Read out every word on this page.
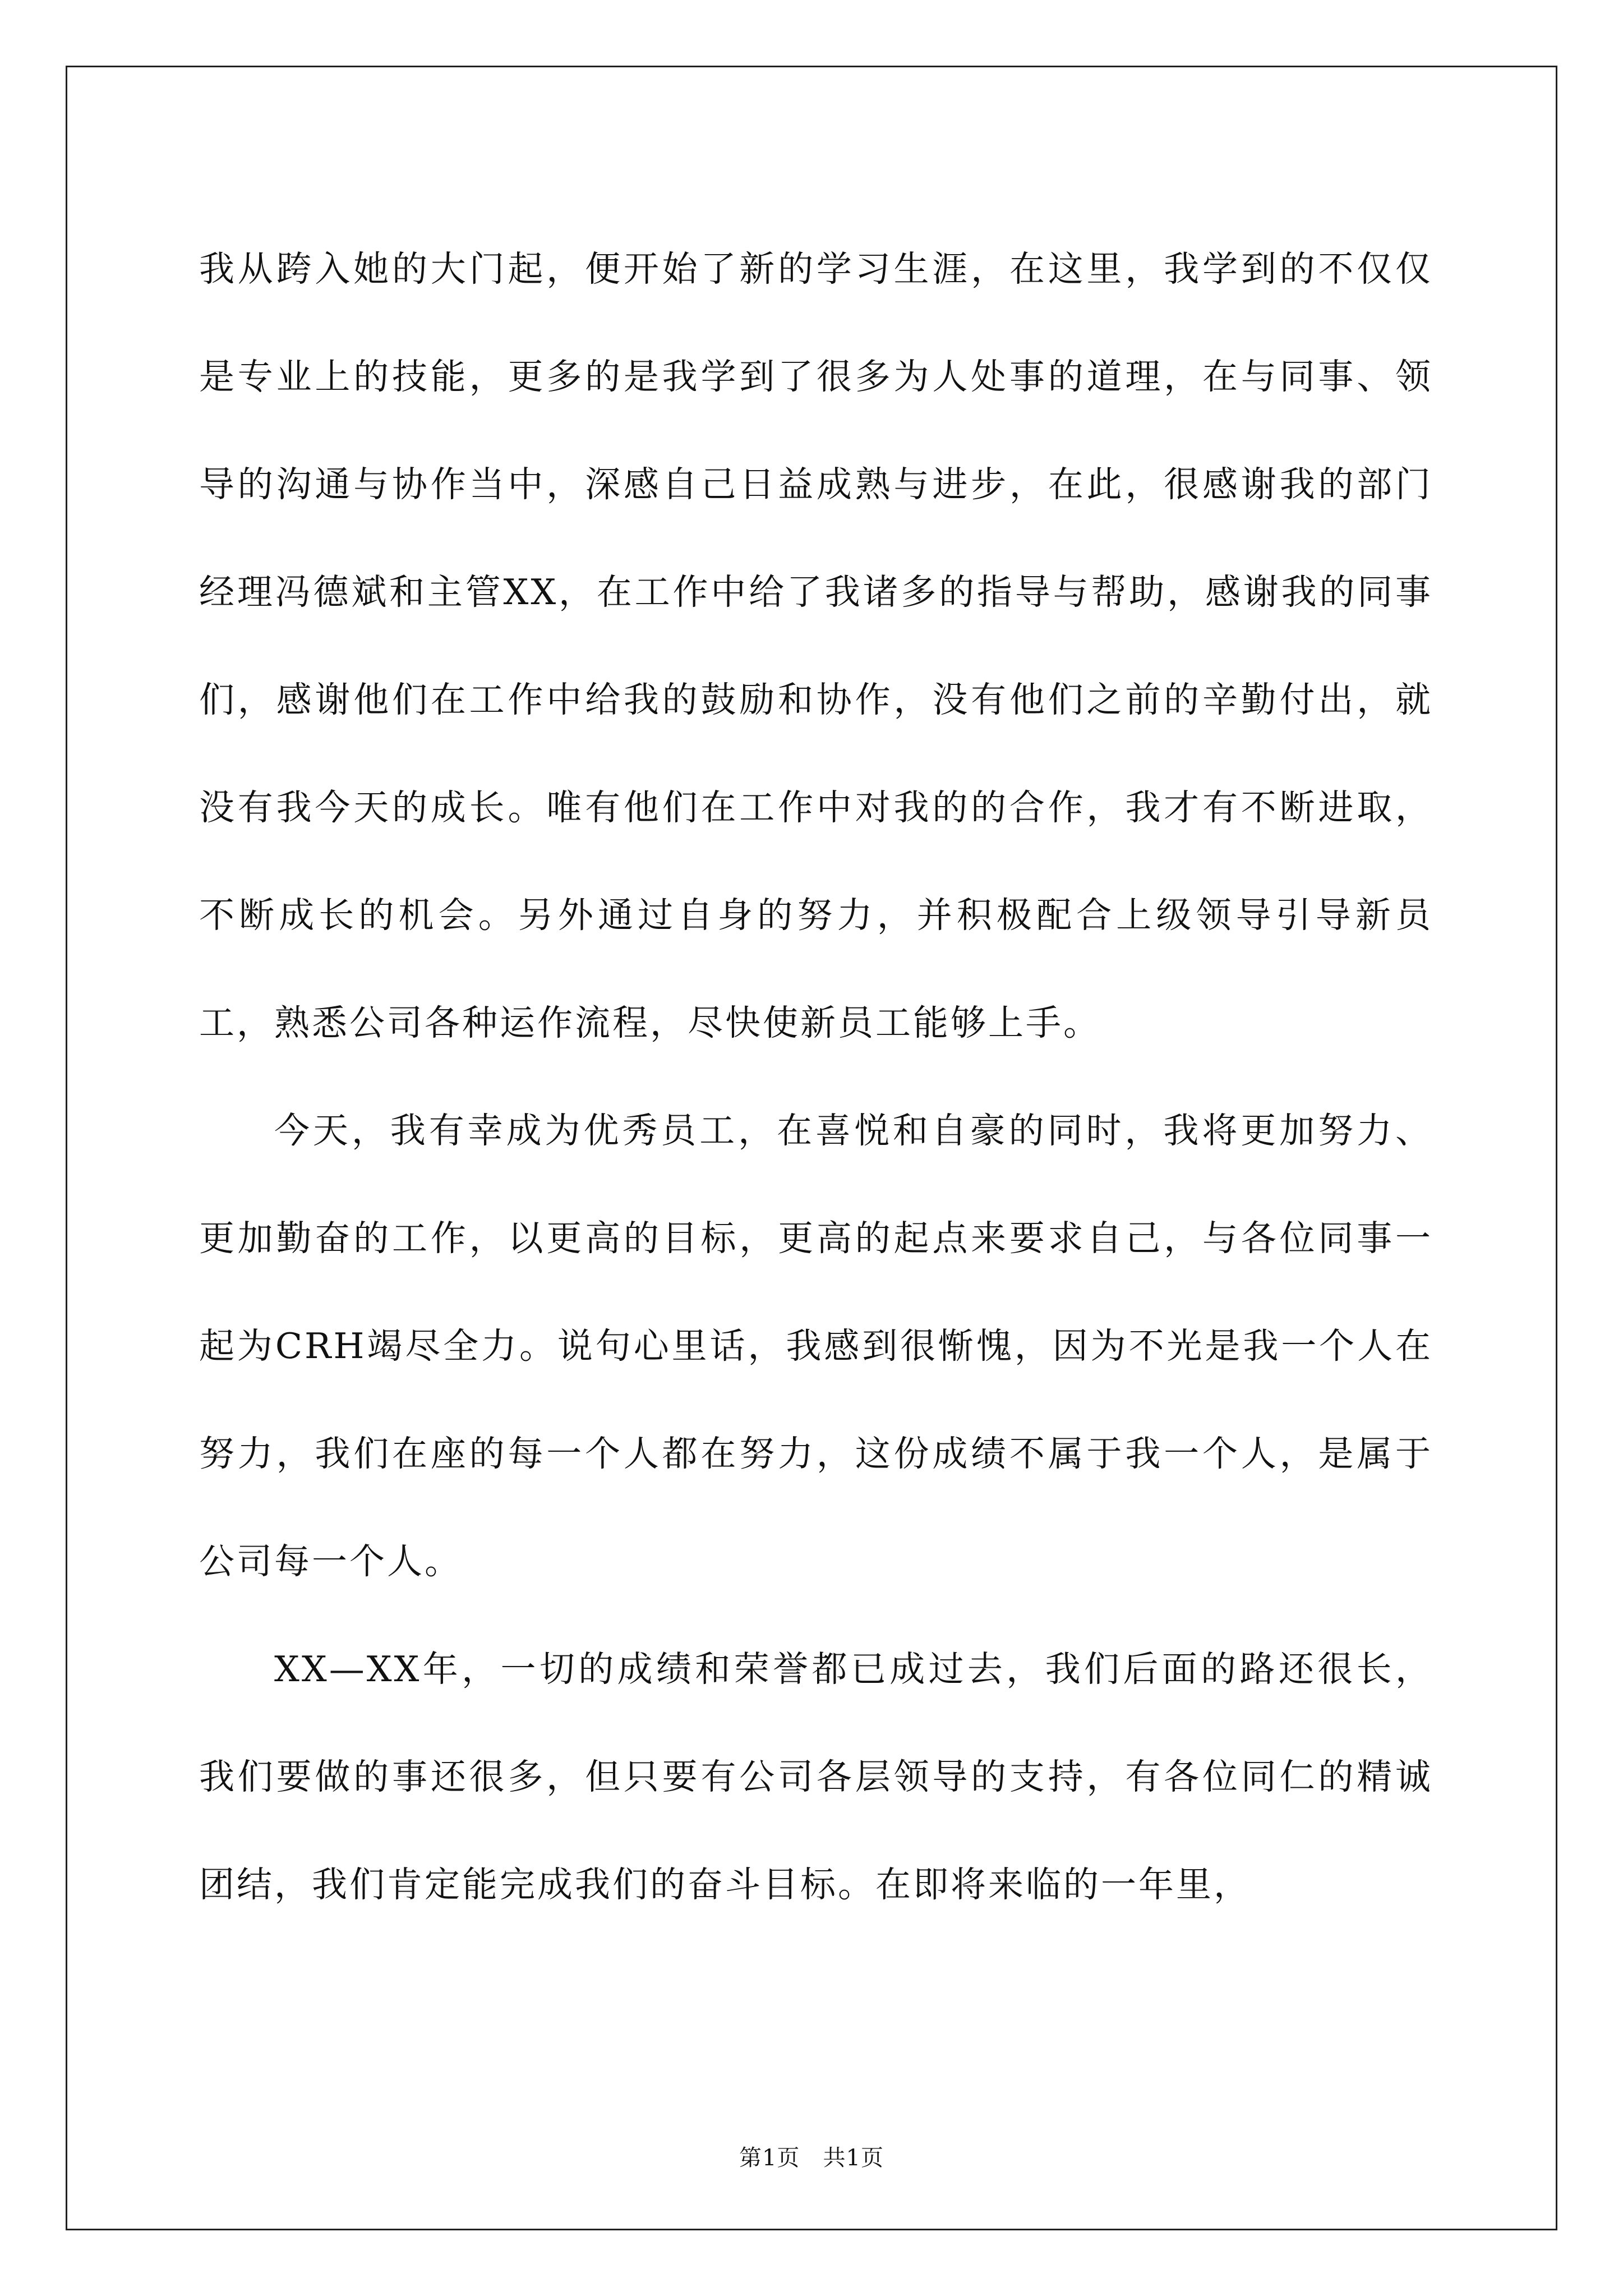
我从跨入她的大门起，便开始了新的学习生涯，在这里，我学到的不仅仅是专业上的技能，更多的是我学到了很多为人处事的道理，在与同事、领导的沟通与协作当中，深感自己日益成熟与进步，在此，很感谢我的部门经理冯德斌和主管XX，在工作中给了我诸多的指导与帮助，感谢我的同事们，感谢他们在工作中给我的鼓励和协作，没有他们之前的辛勤付出，就没有我今天的成长。唯有他们在工作中对我的的合作，我才有不断进取，不断成长的机会。另外通过自身的努力，并积极配合上级领导引导新员工，熟悉公司各种运作流程，尽快使新员工能够上手。

今天，我有幸成为优秀员工，在喜悦和自豪的同时，我将更加努力、更加勤奋的工作，以更高的目标，更高的起点来要求自己，与各位同事一起为CRH竭尽全力。说句心里话，我感到很惭愧，因为不光是我一个人在努力，我们在座的每一个人都在努力，这份成绩不属于我一个人，是属于公司每一个人。

XX—XX年，一切的成绩和荣誉都已成过去，我们后面的路还很长，我们要做的事还很多，但只要有公司各层领导的支持，有各位同仁的精诚团结，我们肯定能完成我们的奋斗目标。在即将来临的一年里，

第1页   共1页
